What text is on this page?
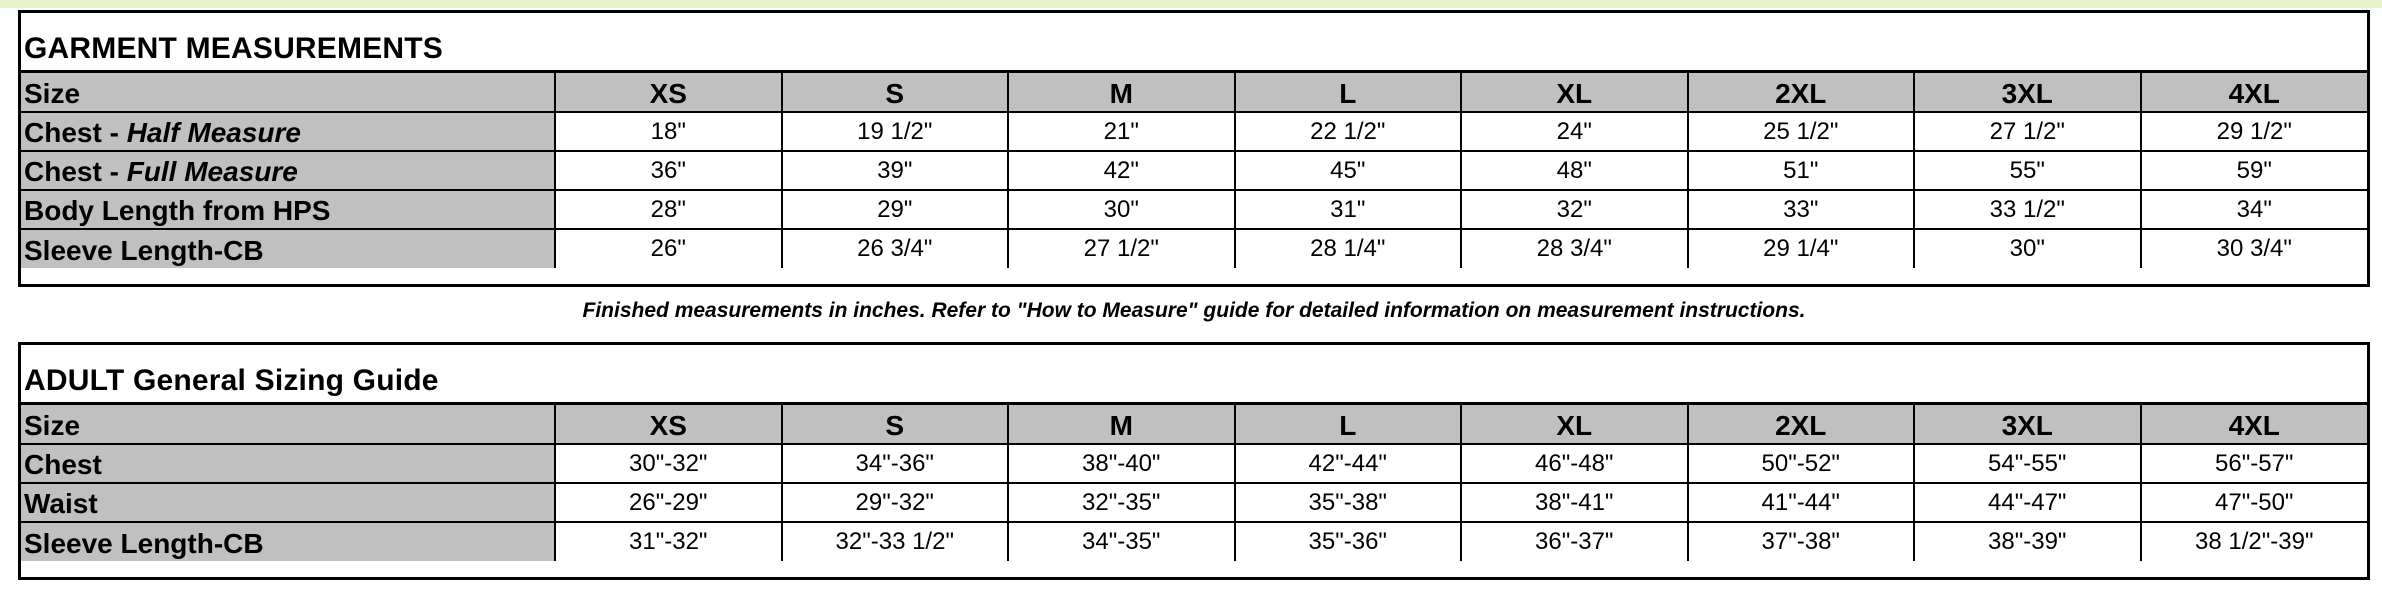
GARMENT MEASUREMENTS
Size	XS	S	M	L	XL	2XL	3XL	4XL
Chest - Half Measure	18"	19 1/2"	21"	22 1/2"	24"	25 1/2"	27 1/2"	29 1/2"
Chest - Full Measure	36"	39"	42"	45"	48"	51"	55"	59"
Body Length from HPS	28"	29"	30"	31"	32"	33"	33 1/2"	34"
Sleeve Length-CB	26"	26 3/4"	27 1/2"	28 1/4"	28 3/4"	29 1/4"	30"	30 3/4"
Finished measurements in inches. Refer to "How to Measure" guide for detailed information on measurement instructions.
ADULT General Sizing Guide
Size	XS	S	M	L	XL	2XL	3XL	4XL
Chest	30"-32"	34"-36"	38"-40"	42"-44"	46"-48"	50"-52"	54"-55"	56"-57"
Waist	26"-29"	29"-32"	32"-35"	35"-38"	38"-41"	41"-44"	44"-47"	47"-50"
Sleeve Length-CB	31"-32"	32"-33 1/2"	34"-35"	35"-36"	36"-37"	37"-38"	38"-39"	38 1/2"-39"
